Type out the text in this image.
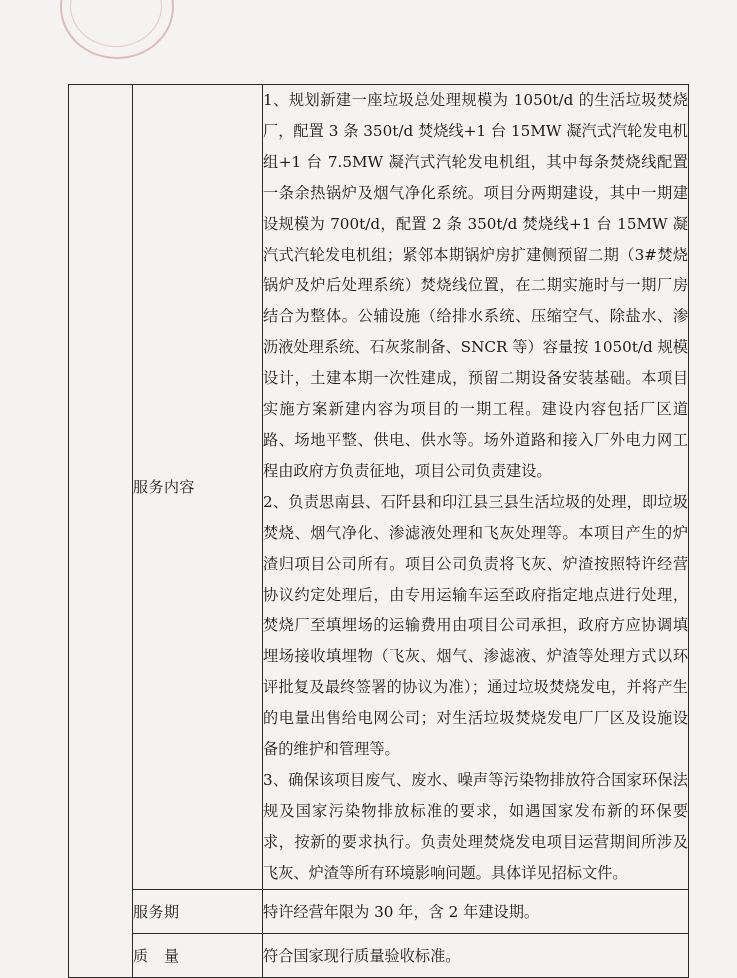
	服务内容	1、规划新建一座垃圾总处理规模为 1050t/d 的生活垃圾焚烧厂，配置 3 条 350t/d 焚烧线+1 台 15MW 凝汽式汽轮发电机组+1 台 7.5MW 凝汽式汽轮发电机组，其中每条焚烧线配置一条余热锅炉及烟气净化系统。项目分两期建设，其中一期建设规模为 700t/d，配置 2 条 350t/d 焚烧线+1 台 15MW 凝汽式汽轮发电机组；紧邻本期锅炉房扩建侧预留二期（3#焚烧锅炉及炉后处理系统）焚烧线位置，在二期实施时与一期厂房结合为整体。公辅设施（给排水系统、压缩空气、除盐水、渗沥液处理系统、石灰浆制备、SNCR 等）容量按 1050t/d 规模设计，土建本期一次性建成，预留二期设备安装基础。本项目实施方案新建内容为项目的一期工程。建设内容包括厂区道路、场地平整、供电、供水等。场外道路和接入厂外电力网工程由政府方负责征地，项目公司负责建设。

2、负责思南县、石阡县和印江县三县生活垃圾的处理，即垃圾焚烧、烟气净化、渗滤液处理和飞灰处理等。本项目产生的炉渣归项目公司所有。项目公司负责将飞灰、炉渣按照特许经营协议约定处理后，由专用运输车运至政府指定地点进行处理，焚烧厂至填埋场的运输费用由项目公司承担，政府方应协调填埋场接收填埋物（飞灰、烟气、渗滤液、炉渣等处理方式以环评批复及最终签署的协议为准）；通过垃圾焚烧发电，并将产生的电量出售给电网公司；对生活垃圾焚烧发电厂厂区及设施设备的维护和管理等。

3、确保该项目废气、废水、噪声等污染物排放符合国家环保法规及国家污染物排放标准的要求，如遇国家发布新的环保要求，按新的要求执行。负责处理焚烧发电项目运营期间所涉及飞灰、炉渣等所有环境影响问题。具体详见招标文件。

	服务期	特许经营年限为 30 年，含 2 年建设期。
	质　量	符合国家现行质量验收标准。
